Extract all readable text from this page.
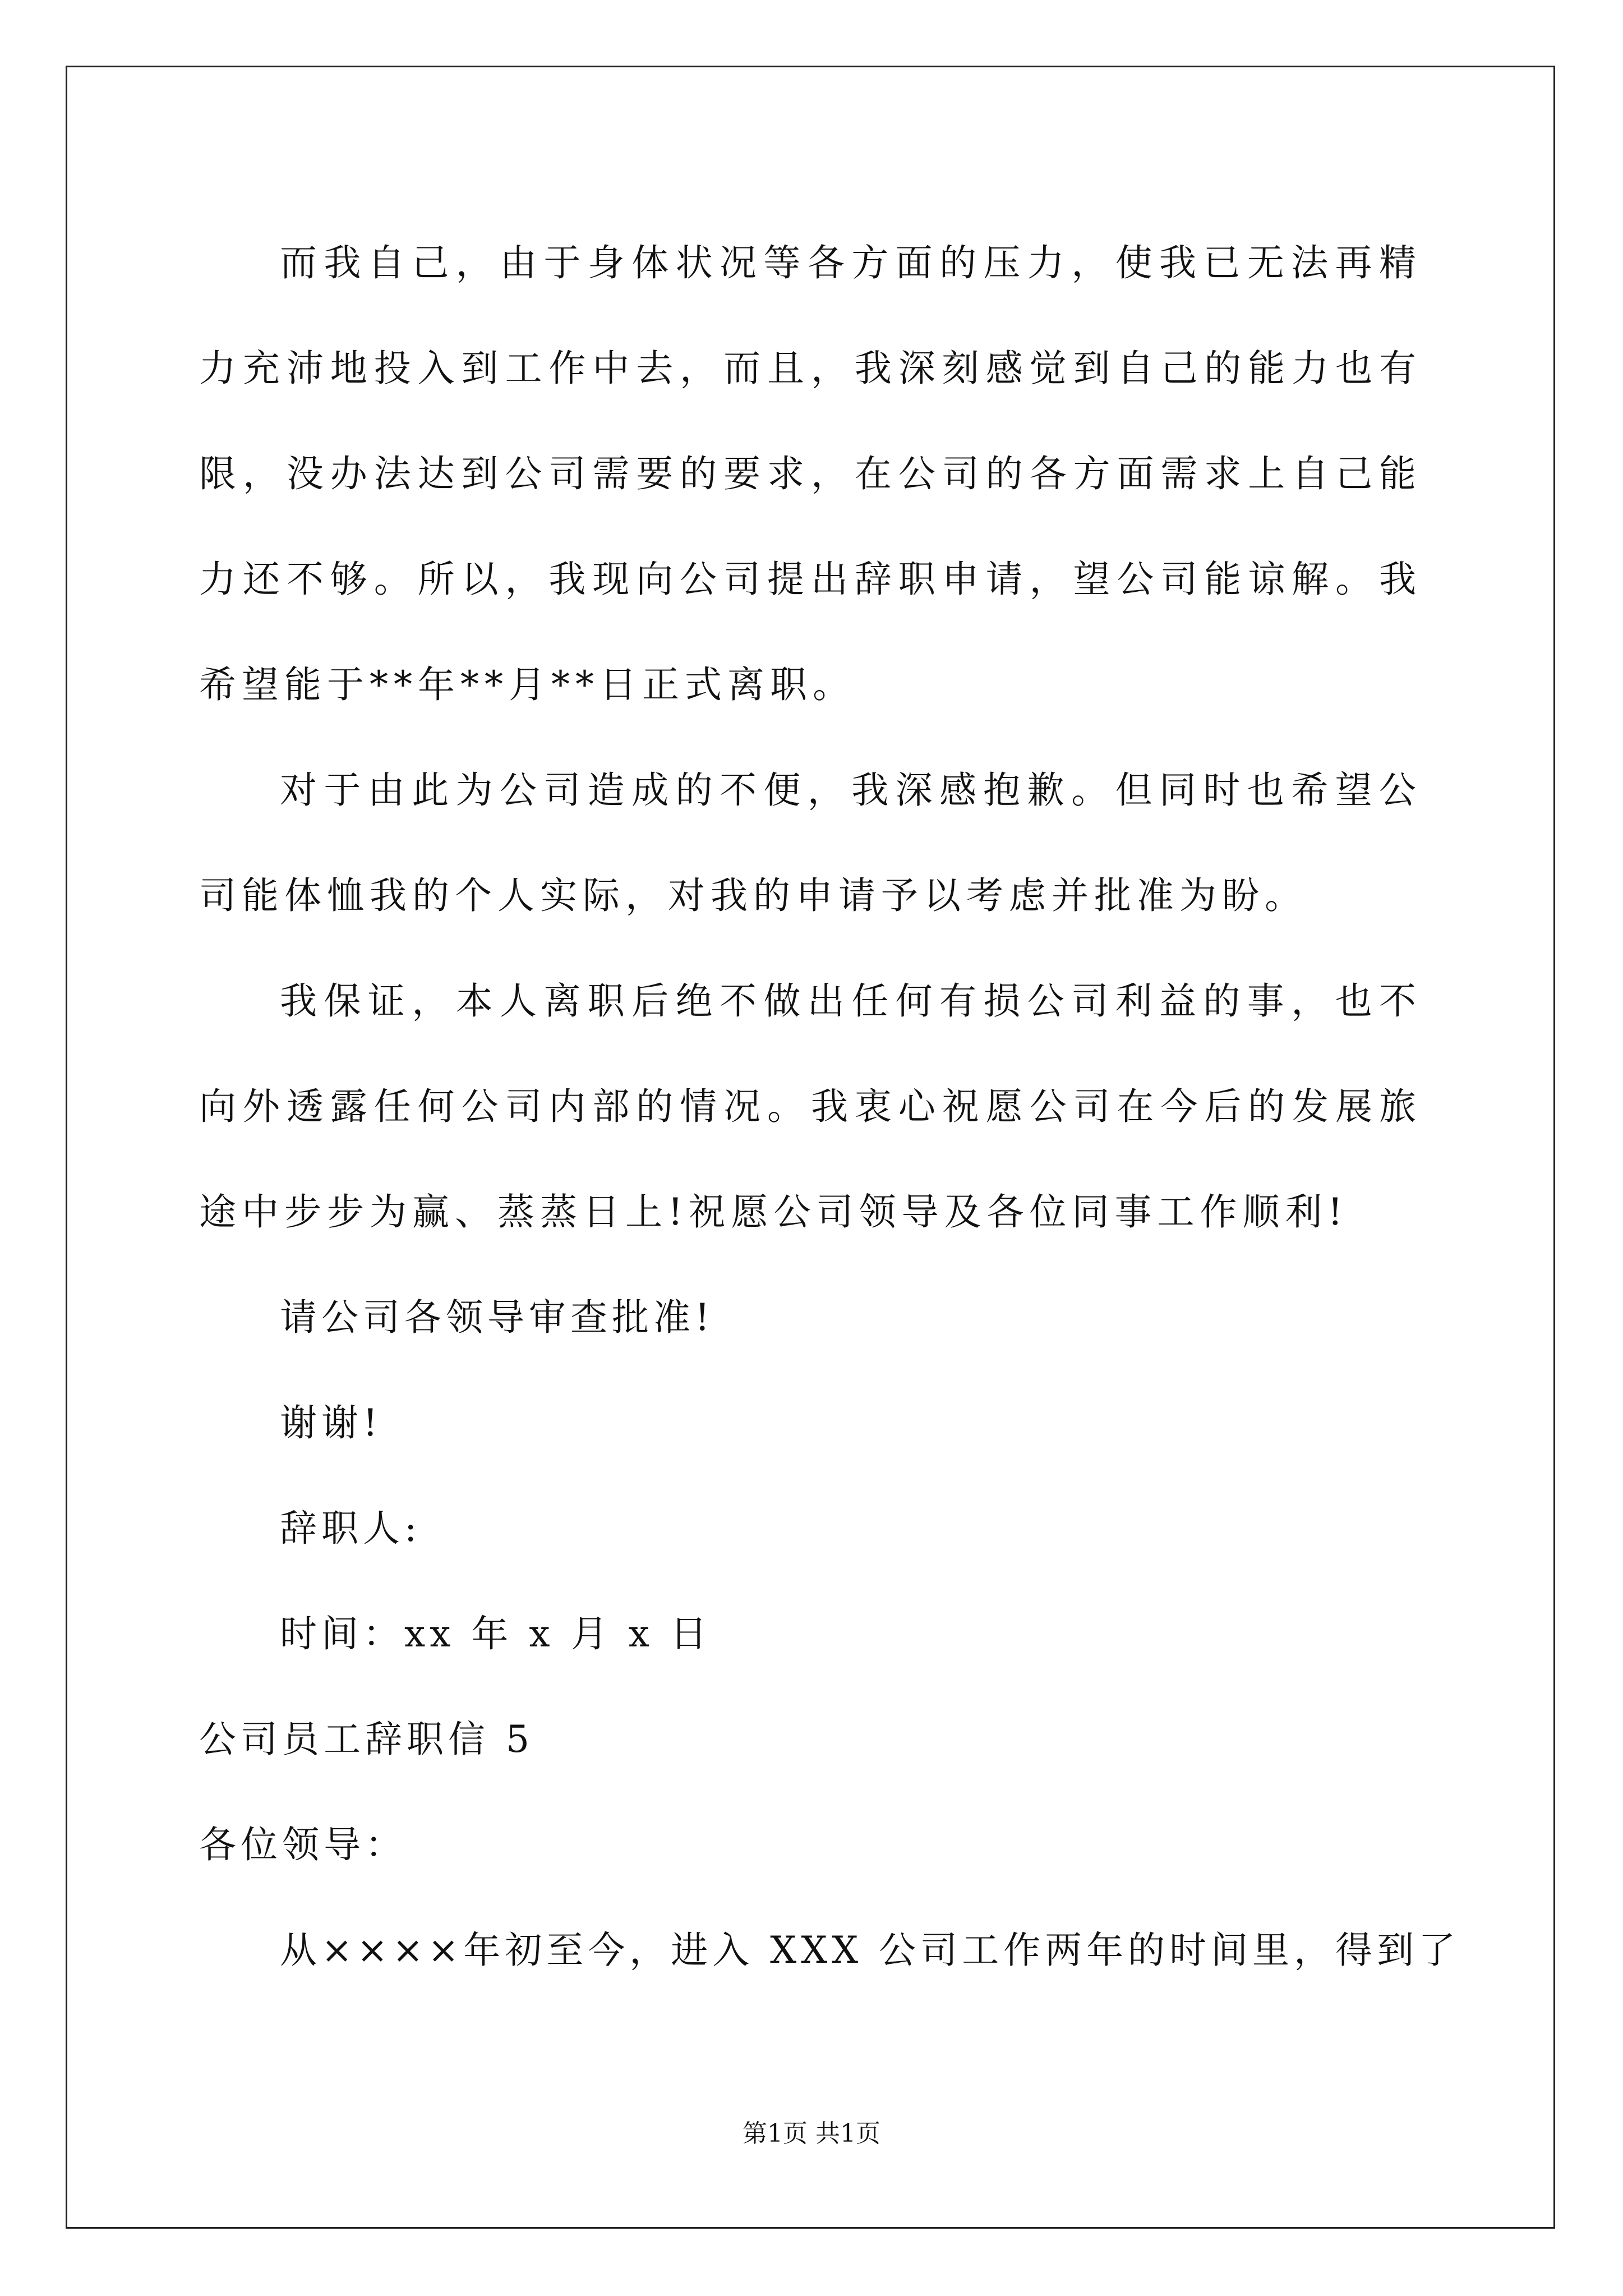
而我自己，由于身体状况等各方面的压力，使我已无法再精力充沛地投入到工作中去，而且，我深刻感觉到自己的能力也有限，没办法达到公司需要的要求，在公司的各方面需求上自己能力还不够。所以，我现向公司提出辞职申请，望公司能谅解。我希望能于**年**月**日正式离职。

对于由此为公司造成的不便，我深感抱歉。但同时也希望公司能体恤我的个人实际，对我的申请予以考虑并批准为盼。

我保证，本人离职后绝不做出任何有损公司利益的事，也不向外透露任何公司内部的情况。我衷心祝愿公司在今后的发展旅途中步步为赢、蒸蒸日上!祝愿公司领导及各位同事工作顺利!

请公司各领导审查批准!

谢谢!

辞职人:

时间：xx 年 x 月 x 日

公司员工辞职信 5

各位领导：

从××××年初至今，进入 XXX 公司工作两年的时间里，得到了

第1页 共1页
